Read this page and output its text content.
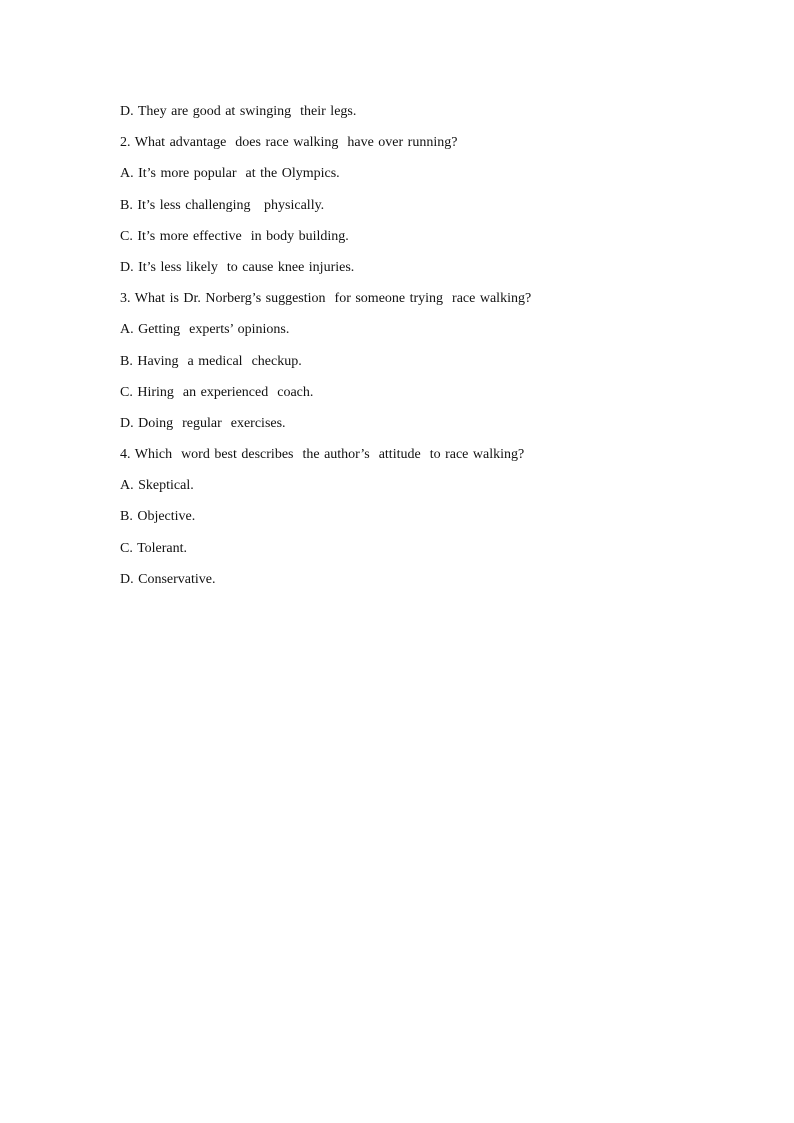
D. They are good at swinging  their legs.
2. What advantage  does race walking  have over running?
A. It’s more popular  at the Olympics.
B. It’s less challenging   physically.
C. It’s more effective  in body building.
D. It’s less likely  to cause knee injuries.
3. What is Dr. Norberg’s suggestion  for someone trying  race walking?
A. Getting  experts’ opinions.
B. Having  a medical  checkup.
C. Hiring  an experienced  coach.
D. Doing  regular  exercises.
4. Which  word best describes  the author’s  attitude  to race walking?
A. Skeptical.
B. Objective.
C. Tolerant.
D. Conservative.
